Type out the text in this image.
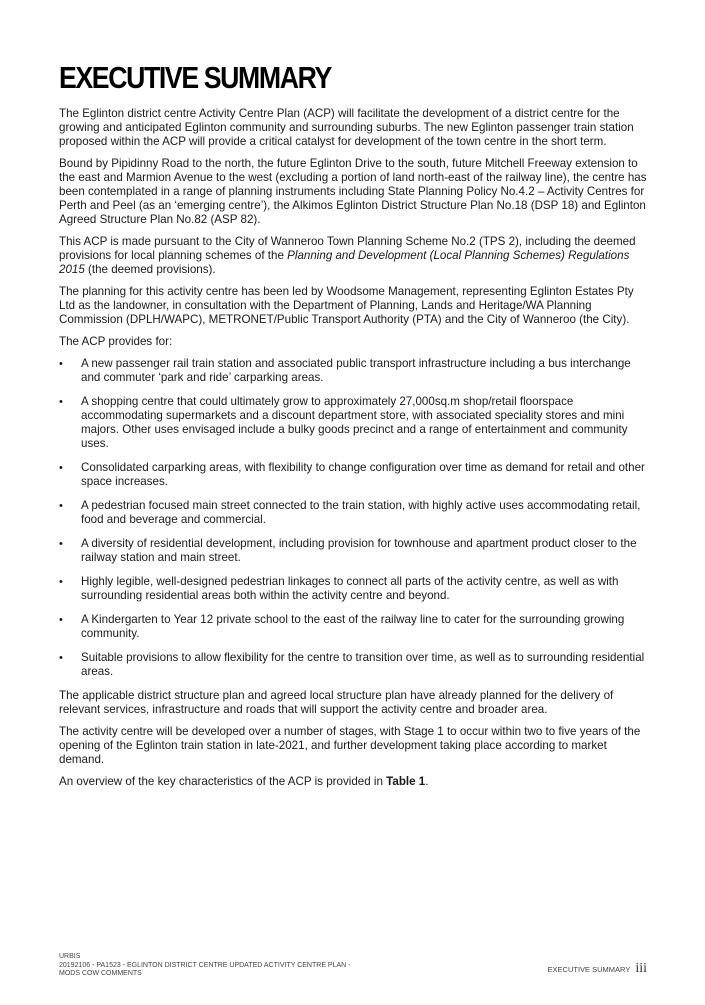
EXECUTIVE SUMMARY

The Eglinton district centre Activity Centre Plan (ACP) will facilitate the development of a district centre for the growing and anticipated Eglinton community and surrounding suburbs. The new Eglinton passenger train station proposed within the ACP will provide a critical catalyst for development of the town centre in the short term.

Bound by Pipidinny Road to the north, the future Eglinton Drive to the south, future Mitchell Freeway extension to the east and Marmion Avenue to the west (excluding a portion of land north-east of the railway line), the centre has been contemplated in a range of planning instruments including State Planning Policy No.4.2 – Activity Centres for Perth and Peel (as an ‘emerging centre’), the Alkimos Eglinton District Structure Plan No.18 (DSP 18) and Eglinton Agreed Structure Plan No.82 (ASP 82).

This ACP is made pursuant to the City of Wanneroo Town Planning Scheme No.2 (TPS 2), including the deemed provisions for local planning schemes of the Planning and Development (Local Planning Schemes) Regulations 2015 (the deemed provisions).

The planning for this activity centre has been led by Woodsome Management, representing Eglinton Estates Pty Ltd as the landowner, in consultation with the Department of Planning, Lands and Heritage/WA Planning Commission (DPLH/WAPC), METRONET/Public Transport Authority (PTA) and the City of Wanneroo (the City).

The ACP provides for:

• A new passenger rail train station and associated public transport infrastructure including a bus interchange and commuter ‘park and ride’ carparking areas.
• A shopping centre that could ultimately grow to approximately 27,000sq.m shop/retail floorspace accommodating supermarkets and a discount department store, with associated speciality stores and mini majors. Other uses envisaged include a bulky goods precinct and a range of entertainment and community uses.
• Consolidated carparking areas, with flexibility to change configuration over time as demand for retail and other space increases.
• A pedestrian focused main street connected to the train station, with highly active uses accommodating retail, food and beverage and commercial.
• A diversity of residential development, including provision for townhouse and apartment product closer to the railway station and main street.
• Highly legible, well-designed pedestrian linkages to connect all parts of the activity centre, as well as with surrounding residential areas both within the activity centre and beyond.
• A Kindergarten to Year 12 private school to the east of the railway line to cater for the surrounding growing community.
• Suitable provisions to allow flexibility for the centre to transition over time, as well as to surrounding residential areas.

The applicable district structure plan and agreed local structure plan have already planned for the delivery of relevant services, infrastructure and roads that will support the activity centre and broader area.

The activity centre will be developed over a number of stages, with Stage 1 to occur within two to five years of the opening of the Eglinton train station in late-2021, and further development taking place according to market demand.

An overview of the key characteristics of the ACP is provided in Table 1.

URBIS
20192106 - PA1523 - EGLINTON DISTRICT CENTRE UPDATED ACTIVITY CENTRE PLAN - MODS COW COMMENTS	EXECUTIVE SUMMARY iii
